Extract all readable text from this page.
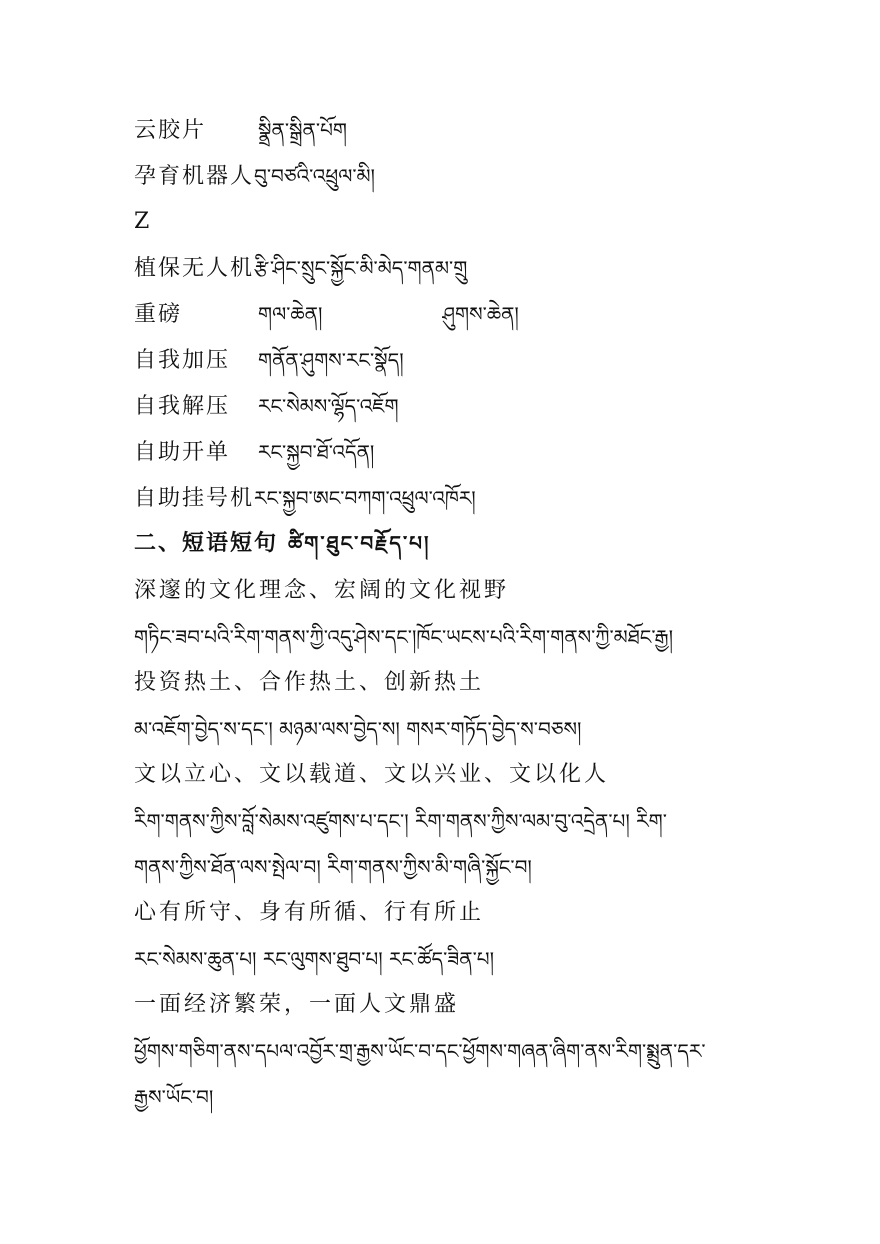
云胶片	སྣྲིན་སྒྲིན་པོག
孕育机器人བུ་བཙའི་འཕྲུལ་མི།
Z
植保无人机རྩི་ཤིང་སྲུང་སྐྱོང་མི་མེད་གནམ་གྲུ
重磅	གལ་ཆེན།	ཤུགས་ཆེན།
自我加压 གནོན་ཤུགས་རང་སྣོད།
自我解压 རང་སེམས་ལྷོད་འཇོག
自助开单 རང་སྐྱབ་ཐོ་འདོན།
自助挂号机རང་སྐྱབ་ཨང་བཀག་འཕྲུལ་འཁོར།
二、短语短句 ཚིག་ཐུང་བརྗོད་པ།
深邃的文化理念、宏阔的文化视野
གཏིང་ཟབ་པའི་རིག་གནས་ཀྱི་འདུ་ཤེས་དང་།ཁོང་ཡངས་པའི་རིག་གནས་ཀྱི་མཐོང་རྒྱ།
投资热土、合作热土、创新热土
མ་འཇོག་བྱེད་ས་དང་། མཉམ་ལས་བྱེད་ས། གསར་གཏོད་བྱེད་ས་བཅས།
文以立心、文以载道、文以兴业、文以化人
རིག་གནས་ཀྱིས་བློ་སེམས་འཛུགས་པ་དང་། རིག་གནས་ཀྱིས་ལམ་བུ་འདྲེན་པ། རིག་
གནས་ཀྱིས་ཐོན་ལས་སྤེལ་བ། རིག་གནས་ཀྱིས་མི་གཞི་སྐྱོང་བ།
心有所守、身有所循、行有所止
རང་སེམས་ཆུན་པ། རང་ལུགས་ཐུབ་པ། རང་ཚོད་ཟིན་པ།
一面经济繁荣，一面人文鼎盛
ཕྱོགས་གཅིག་ནས་དཔལ་འབྱོར་གྲ་རྒྱས་ཡོང་བ་དང་ཕྱོགས་གཞན་ཞིག་ནས་རིག་སྨྲུན་དར་
རྒྱས་ཡོང་བ།
